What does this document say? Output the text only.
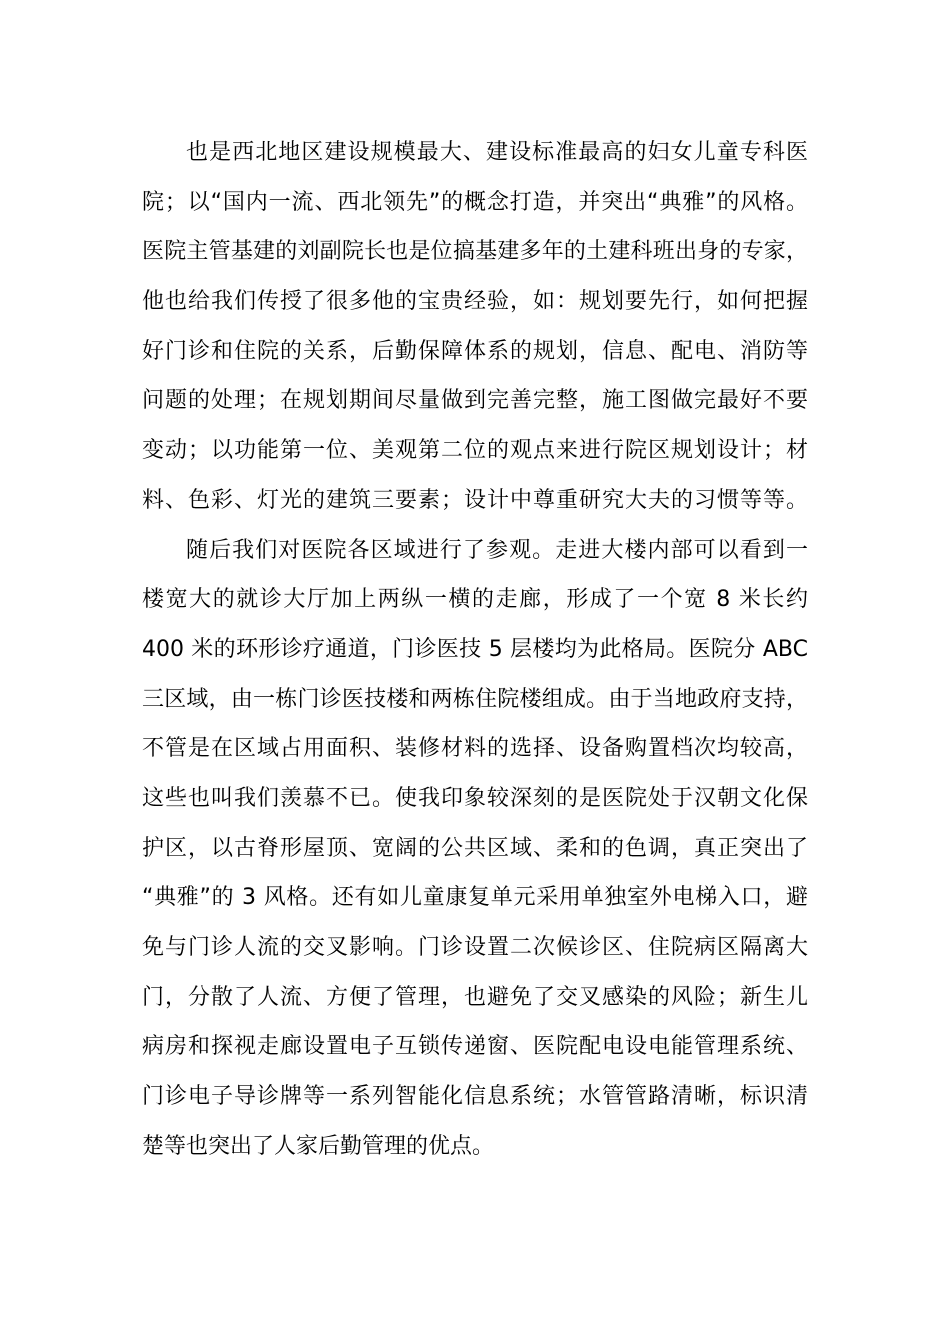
也是西北地区建设规模最大、建设标准最高的妇女儿童专科医
院；以“国内一流、西北领先”的概念打造，并突出“典雅”的风格。
医院主管基建的刘副院长也是位搞基建多年的土建科班出身的专家，
他也给我们传授了很多他的宝贵经验，如：规划要先行，如何把握
好门诊和住院的关系，后勤保障体系的规划，信息、配电、消防等
问题的处理；在规划期间尽量做到完善完整，施工图做完最好不要
变动；以功能第一位、美观第二位的观点来进行院区规划设计；材
料、色彩、灯光的建筑三要素；设计中尊重研究大夫的习惯等等。
随后我们对医院各区域进行了参观。走进大楼内部可以看到一
楼宽大的就诊大厅加上两纵一横的走廊，形成了一个宽 8 米长约
400 米的环形诊疗通道，门诊医技 5 层楼均为此格局。医院分 ABC
三区域，由一栋门诊医技楼和两栋住院楼组成。由于当地政府支持，
不管是在区域占用面积、装修材料的选择、设备购置档次均较高，
这些也叫我们羡慕不已。使我印象较深刻的是医院处于汉朝文化保
护区，以古脊形屋顶、宽阔的公共区域、柔和的色调，真正突出了
“典雅”的 3 风格。还有如儿童康复单元采用单独室外电梯入口，避
免与门诊人流的交叉影响。门诊设置二次候诊区、住院病区隔离大
门，分散了人流、方便了管理，也避免了交叉感染的风险；新生儿
病房和探视走廊设置电子互锁传递窗、医院配电设电能管理系统、
门诊电子导诊牌等一系列智能化信息系统；水管管路清晰，标识清
楚等也突出了人家后勤管理的优点。
